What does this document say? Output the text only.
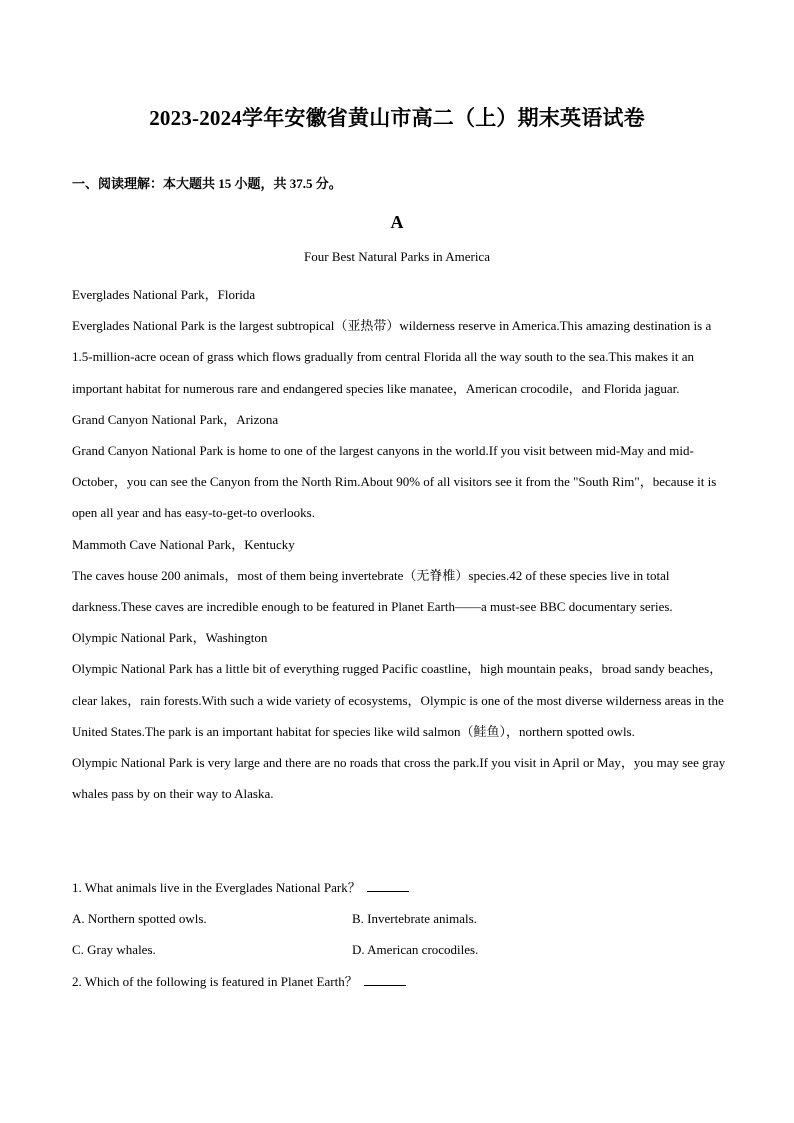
2023-2024学年安徽省黄山市高二（上）期末英语试卷
一、阅读理解：本大题共 15 小题，共 37.5 分。
A
Four Best Natural Parks in America

Everglades National Park，Florida

Everglades National Park is the largest subtropical（亚热带）wilderness reserve in America.This amazing destination is a 1.5-million-acre ocean of grass which flows gradually from central Florida all the way south to the sea.This makes it an important habitat for numerous rare and endangered species like manatee，American crocodile，and Florida jaguar.

Grand Canyon National Park，Arizona

Grand Canyon National Park is home to one of the largest canyons in the world.If you visit between mid-May and mid-October，you can see the Canyon from the North Rim.About 90% of all visitors see it from the "South Rim"，because it is open all year and has easy-to-get-to overlooks.

Mammoth Cave National Park，Kentucky

The caves house 200 animals，most of them being invertebrate（无脊椎）species.42 of these species live in total darkness.These caves are incredible enough to be featured in Planet Earth——a must-see BBC documentary series.

Olympic National Park，Washington

Olympic National Park has a little bit of everything rugged Pacific coastline，high mountain peaks，broad sandy beaches，clear lakes，rain forests.With such a wide variety of ecosystems，Olympic is one of the most diverse wilderness areas in the United States.The park is an important habitat for species like wild salmon（鲑鱼），northern spotted owls.

Olympic National Park is very large and there are no roads that cross the park.If you visit in April or May，you may see gray whales pass by on their way to Alaska.

1. What animals live in the Everglades National Park？
A. Northern spotted owls.	B. Invertebrate animals.
C. Gray whales.	D. American crocodiles.
2. Which of the following is featured in Planet Earth？
